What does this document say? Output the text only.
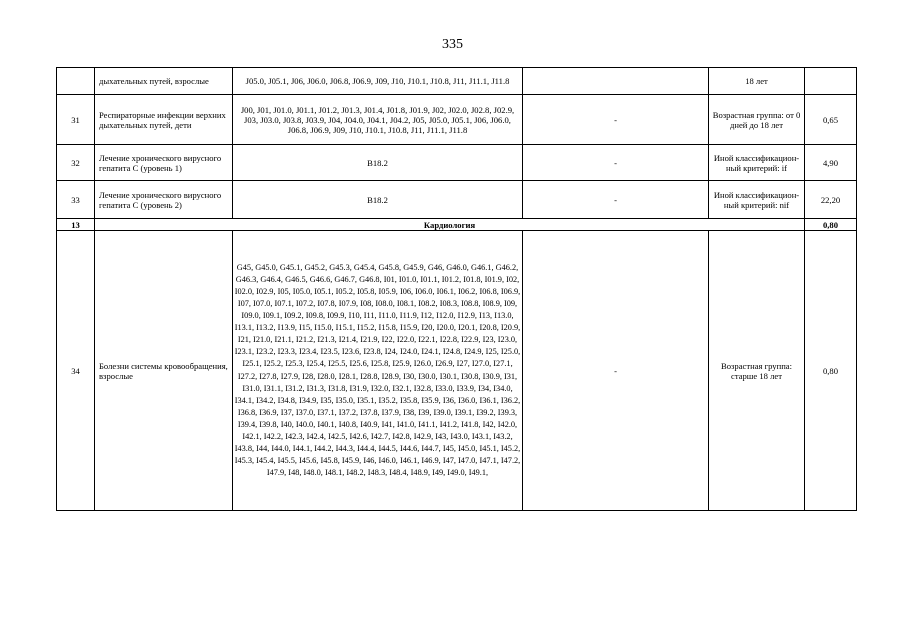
335
	дыхательных путей, взрослые	J05.0, J05.1, J06, J06.0, J06.8, J06.9, J09, J10, J10.1, J10.8, J11, J11.1, J11.8		18 лет	
31	Респираторные инфекции верхних дыхательных путей, дети	J00, J01, J01.0, J01.1, J01.2, J01.3, J01.4, J01.8, J01.9, J02, J02.0, J02.8, J02.9, J03, J03.0, J03.8, J03.9, J04, J04.0, J04.1, J04.2, J05, J05.0, J05.1, J06, J06.0, J06.8, J06.9, J09, J10, J10.1, J10.8, J11, J11.1, J11.8	-	Возрастная группа: от 0 дней до 18 лет	0,65
32	Лечение хронического вирусного гепатита С (уровень 1)	B18.2	-	Иной классификацион-ный критерий: if	4,90
33	Лечение хронического вирусного гепатита С (уровень 2)	B18.2	-	Иной классификацион-ный критерий: nif	22,20
13	Кардиология				0,80
34	Болезни системы кровообращения, взрослые	G45, G45.0, G45.1, G45.2, G45.3, G45.4, G45.8, G45.9, G46, G46.0, G46.1, G46.2, G46.3, G46.4, G46.5, G46.6, G46.7, G46.8, I01, I01.0, I01.1, I01.2, I01.8, I01.9, I02, I02.0, I02.9, I05, I05.0, I05.1, I05.2, I05.8, I05.9, I06, I06.0, I06.1, I06.2, I06.8, I06.9, I07, I07.0, I07.1, I07.2, I07.8, I07.9, I08, I08.0, I08.1, I08.2, I08.3, I08.8, I08.9, I09, I09.0, I09.1, I09.2, I09.8, I09.9, I10, I11, I11.0, I11.9, I12, I12.0, I12.9, I13, I13.0, I13.1, I13.2, I13.9, I15, I15.0, I15.1, I15.2, I15.8, I15.9, I20, I20.0, I20.1, I20.8, I20.9, I21, I21.0, I21.1, I21.2, I21.3, I21.4, I21.9, I22, I22.0, I22.1, I22.8, I22.9, I23, I23.0, I23.1, I23.2, I23.3, I23.4, I23.5, I23.6, I23.8, I24, I24.0, I24.1, I24.8, I24.9, I25, I25.0, I25.1, I25.2, I25.3, I25.4, I25.5, I25.6, I25.8, I25.9, I26.0, I26.9, I27, I27.0, I27.1, I27.2, I27.8, I27.9, I28, I28.0, I28.1, I28.8, I28.9, I30, I30.0, I30.1, I30.8, I30.9, I31, I31.0, I31.1, I31.2, I31.3, I31.8, I31.9, I32.0, I32.1, I32.8, I33.0, I33.9, I34, I34.0, I34.1, I34.2, I34.8, I34.9, I35, I35.0, I35.1, I35.2, I35.8, I35.9, I36, I36.0, I36.1, I36.2, I36.8, I36.9, I37, I37.0, I37.1, I37.2, I37.8, I37.9, I38, I39, I39.0, I39.1, I39.2, I39.3, I39.4, I39.8, I40, I40.0, I40.1, I40.8, I40.9, I41, I41.0, I41.1, I41.2, I41.8, I42, I42.0, I42.1, I42.2, I42.3, I42.4, I42.5, I42.6, I42.7, I42.8, I42.9, I43, I43.0, I43.1, I43.2, I43.8, I44, I44.0, I44.1, I44.2, I44.3, I44.4, I44.5, I44.6, I44.7, I45, I45.0, I45.1, I45.2, I45.3, I45.4, I45.5, I45.6, I45.8, I45.9, I46, I46.0, I46.1, I46.9, I47, I47.0, I47.1, I47.2, I47.9, I48, I48.0, I48.1, I48.2, I48.3, I48.4, I48.9, I49, I49.0, I49.1,	-	Возрастная группа: старше 18 лет	0,80
